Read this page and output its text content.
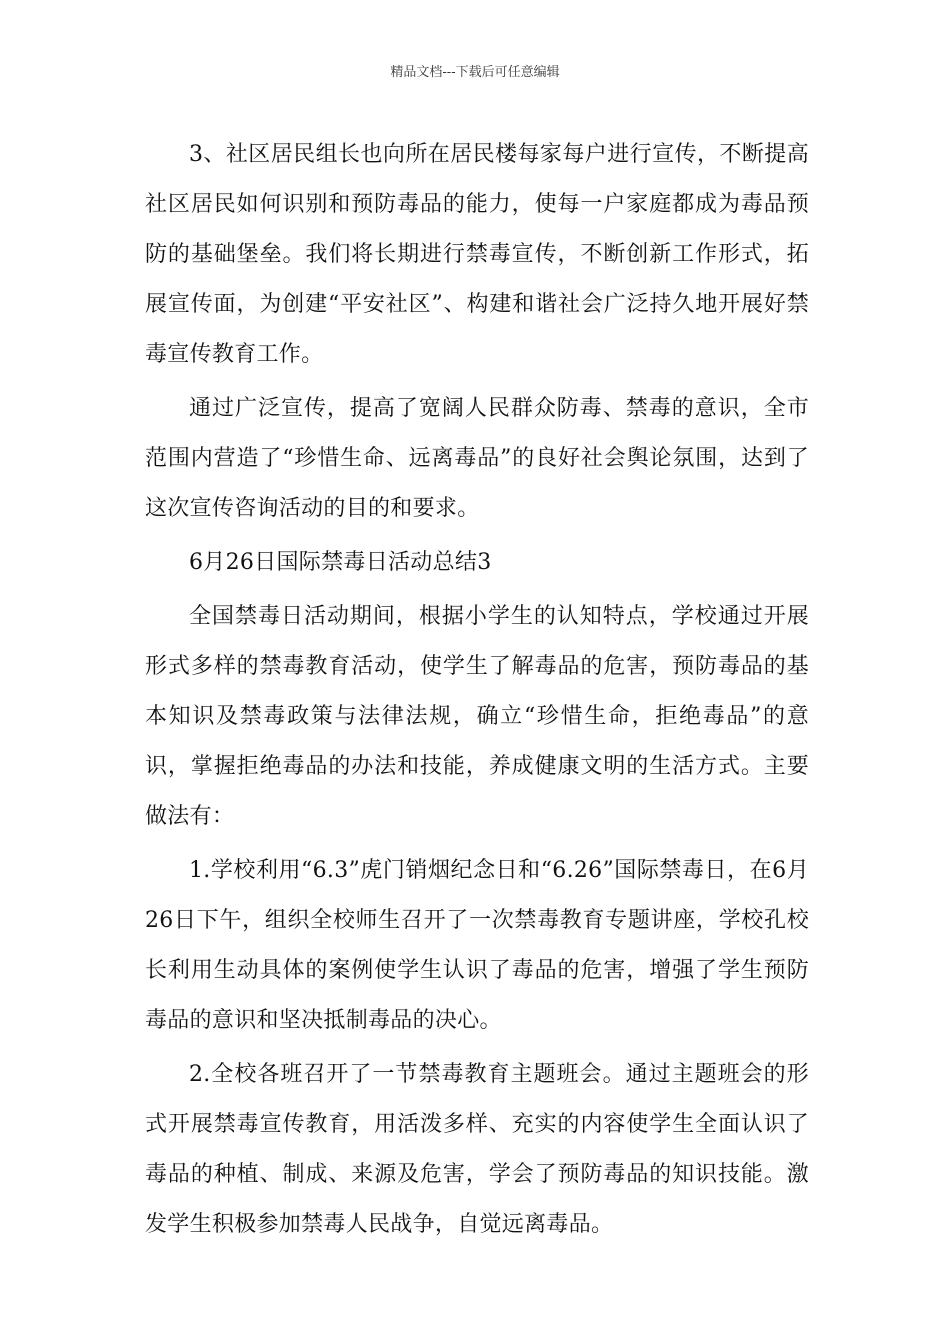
精品文档---下载后可任意编辑

3、社区居民组长也向所在居民楼每家每户进行宣传，不断提高社区居民如何识别和预防毒品的能力，使每一户家庭都成为毒品预防的基础堡垒。我们将长期进行禁毒宣传，不断创新工作形式，拓展宣传面，为创建“平安社区”、构建和谐社会广泛持久地开展好禁毒宣传教育工作。

通过广泛宣传，提高了宽阔人民群众防毒、禁毒的意识，全市范围内营造了“珍惜生命、远离毒品”的良好社会舆论氛围，达到了这次宣传咨询活动的目的和要求。

6月26日国际禁毒日活动总结3

全国禁毒日活动期间，根据小学生的认知特点，学校通过开展形式多样的禁毒教育活动，使学生了解毒品的危害，预防毒品的基本知识及禁毒政策与法律法规，确立“珍惜生命，拒绝毒品”的意识，掌握拒绝毒品的办法和技能，养成健康文明的生活方式。主要做法有：

1.学校利用“6.3”虎门销烟纪念日和“6.26”国际禁毒日，在6月26日下午，组织全校师生召开了一次禁毒教育专题讲座，学校孔校长利用生动具体的案例使学生认识了毒品的危害，增强了学生预防毒品的意识和坚决抵制毒品的决心。

2.全校各班召开了一节禁毒教育主题班会。通过主题班会的形式开展禁毒宣传教育，用活泼多样、充实的内容使学生全面认识了毒品的种植、制成、来源及危害，学会了预防毒品的知识技能。激发学生积极参加禁毒人民战争，自觉远离毒品。
